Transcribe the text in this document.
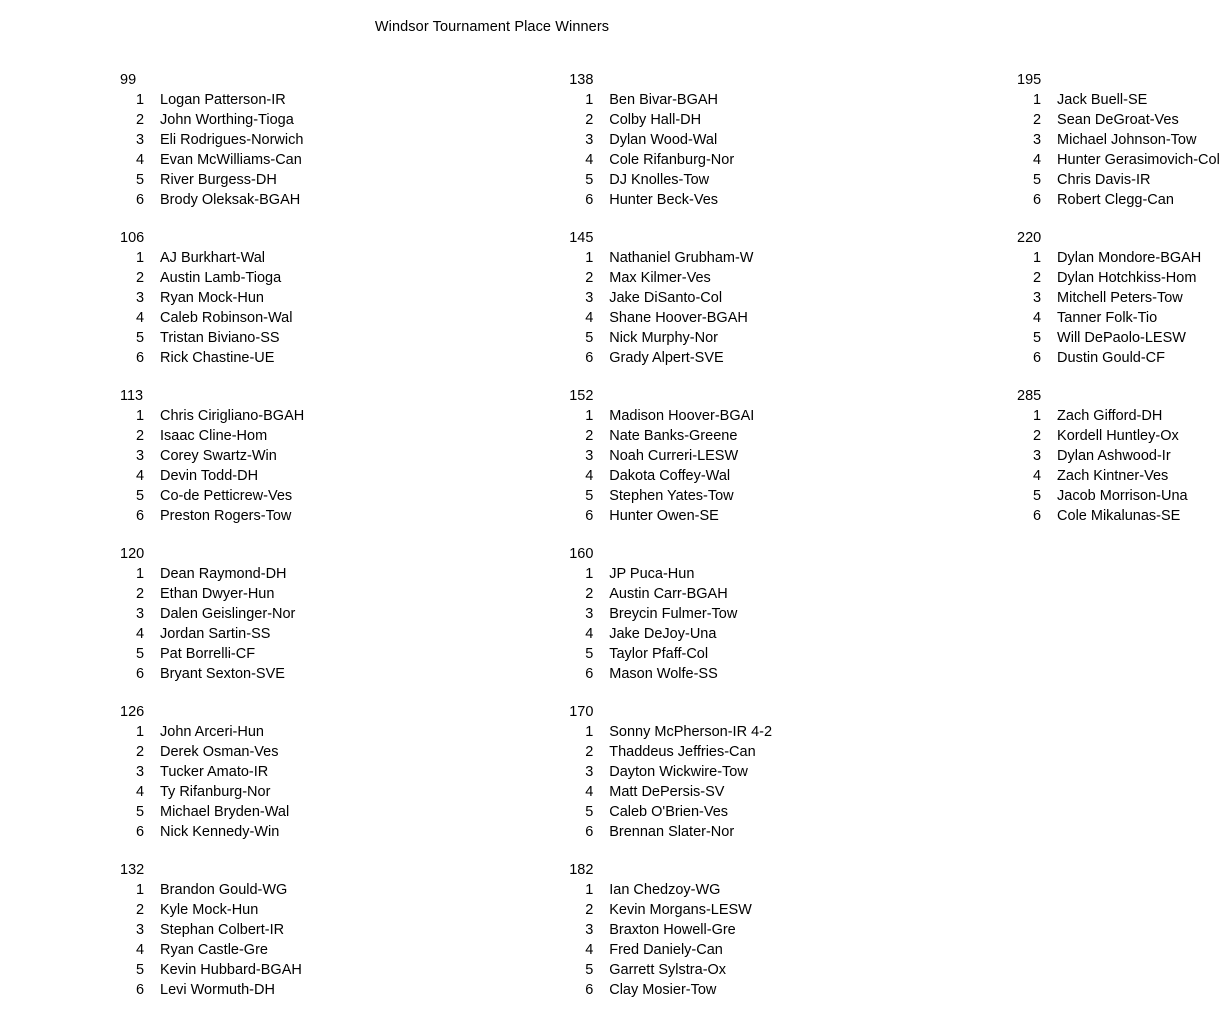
Windsor Tournament Place Winners
99
1	Logan Patterson-IR
2	John Worthing-Tioga
3	Eli Rodrigues-Norwich
4	Evan McWilliams-Can
5	River Burgess-DH
6	Brody Oleksak-BGAH
106
1	AJ Burkhart-Wal
2	Austin Lamb-Tioga
3	Ryan Mock-Hun
4	Caleb Robinson-Wal
5	Tristan Biviano-SS
6	Rick Chastine-UE
113
1	Chris Cirigliano-BGAH
2	Isaac Cline-Hom
3	Corey Swartz-Win
4	Devin Todd-DH
5	Co-de Petticrew-Ves
6	Preston Rogers-Tow
120
1	Dean Raymond-DH
2	Ethan Dwyer-Hun
3	Dalen Geislinger-Nor
4	Jordan Sartin-SS
5	Pat Borrelli-CF
6	Bryant Sexton-SVE
126
1	John Arceri-Hun
2	Derek Osman-Ves
3	Tucker Amato-IR
4	Ty Rifanburg-Nor
5	Michael Bryden-Wal
6	Nick Kennedy-Win
132
1	Brandon Gould-WG
2	Kyle Mock-Hun
3	Stephan Colbert-IR
4	Ryan Castle-Gre
5	Kevin Hubbard-BGAH
6	Levi Wormuth-DH
138
1	Ben Bivar-BGAH
2	Colby Hall-DH
3	Dylan Wood-Wal
4	Cole Rifanburg-Nor
5	DJ Knolles-Tow
6	Hunter Beck-Ves
145
1	Nathaniel Grubham-W
2	Max Kilmer-Ves
3	Jake DiSanto-Col
4	Shane Hoover-BGAH
5	Nick Murphy-Nor
6	Grady Alpert-SVE
152
1	Madison Hoover-BGAI
2	Nate Banks-Greene
3	Noah Curreri-LESW
4	Dakota Coffey-Wal
5	Stephen Yates-Tow
6	Hunter Owen-SE
160
1	JP Puca-Hun
2	Austin Carr-BGAH
3	Breycin Fulmer-Tow
4	Jake DeJoy-Una
5	Taylor Pfaff-Col
6	Mason Wolfe-SS
170
1	Sonny McPherson-IR 4-2
2	Thaddeus Jeffries-Can
3	Dayton Wickwire-Tow
4	Matt DePersis-SV
5	Caleb O'Brien-Ves
6	Brennan Slater-Nor
182
1	Ian Chedzoy-WG
2	Kevin Morgans-LESW
3	Braxton Howell-Gre
4	Fred Daniely-Can
5	Garrett Sylstra-Ox
6	Clay Mosier-Tow
195
1	Jack Buell-SE
2	Sean DeGroat-Ves
3	Michael Johnson-Tow
4	Hunter Gerasimovich-Col
5	Chris Davis-IR
6	Robert Clegg-Can
220
1	Dylan Mondore-BGAH
2	Dylan Hotchkiss-Hom
3	Mitchell Peters-Tow
4	Tanner Folk-Tio
5	Will DePaolo-LESW
6	Dustin Gould-CF
285
1	Zach Gifford-DH
2	Kordell Huntley-Ox
3	Dylan Ashwood-Ir
4	Zach Kintner-Ves
5	Jacob Morrison-Una
6	Cole Mikalunas-SE
